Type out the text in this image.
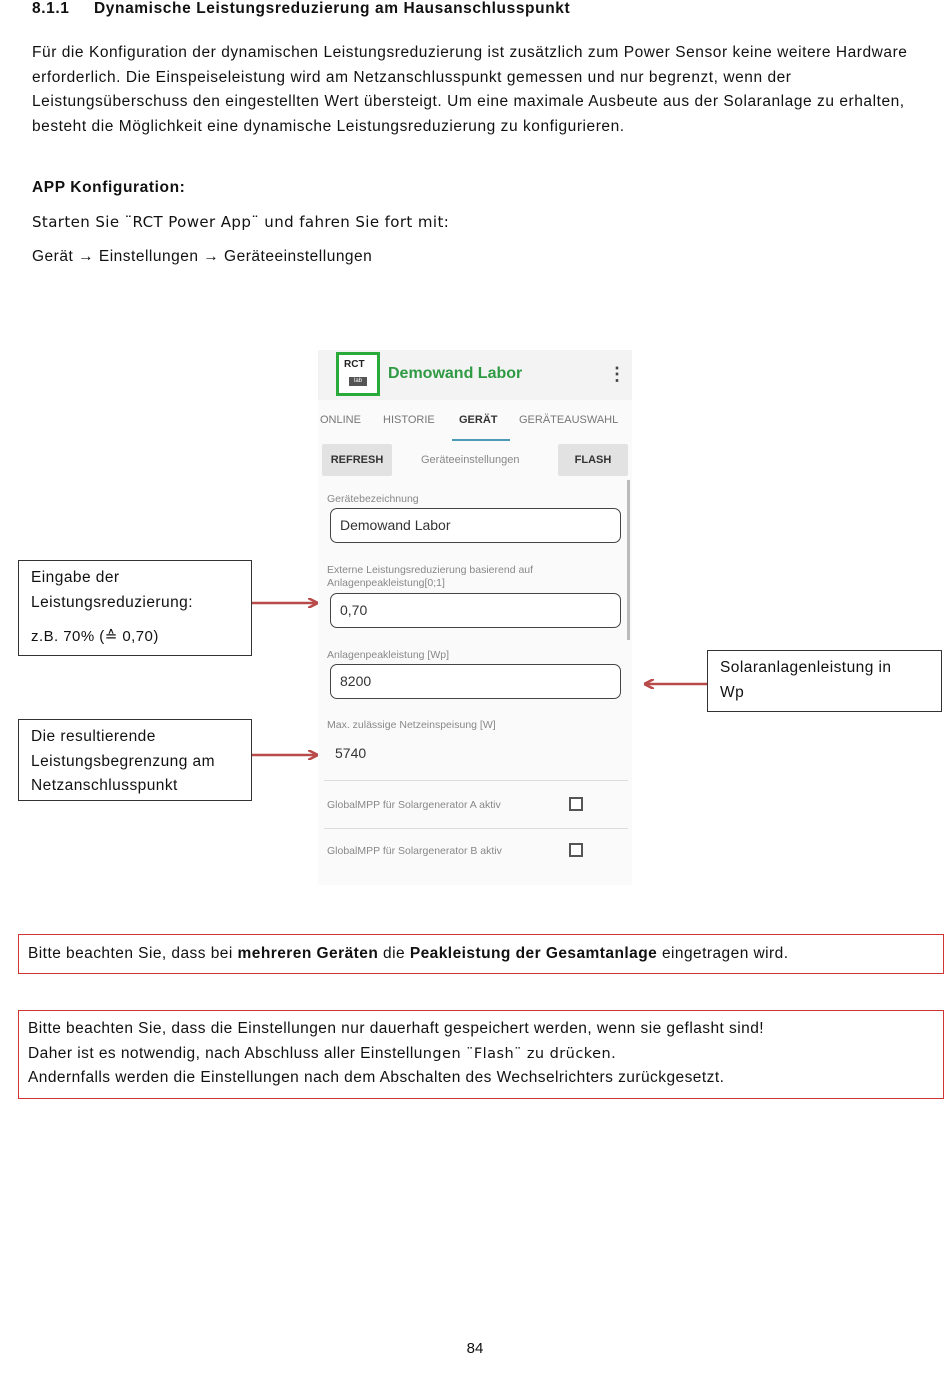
8.1.1 Dynamische Leistungsreduzierung am Hausanschlusspunkt

Für die Konfiguration der dynamischen Leistungsreduzierung ist zusätzlich zum Power Sensor keine weitere Hardware erforderlich. Die Einspeiseleistung wird am Netzanschlusspunkt gemessen und nur begrenzt, wenn der Leistungsüberschuss den eingestellten Wert übersteigt. Um eine maximale Ausbeute aus der Solaranlage zu erhalten, besteht die Möglichkeit eine dynamische Leistungsreduzierung zu konfigurieren.

APP Konfiguration:
Starten Sie ¨RCT Power App¨ und fahren Sie fort mit:
Gerät → Einstellungen → Geräteeinstellungen
RCT
lab	Demowand Labor	⋮
ONLINE HISTORIE GERÄT GERÄTEAUSWAHL
REFRESH	Geräteeinstellungen	FLASH
Gerätebezeichnung
Demowand Labor
Externe Leistungsreduzierung basierend auf
Anlagenpeakleistung[0;1]
0,70
Anlagenpeakleistung [Wp]
8200
Max. zulässige Netzeinspeisung [W]
5740
GlobalMPP für Solargenerator A aktiv
GlobalMPP für Solargenerator B aktiv

Eingabe der

Leistungsreduzierung:

z.B. 70% (≙ 0,70)

Die resultierende

Leistungsbegrenzung am

Netzanschlusspunkt

Solaranlagenleistung in

Wp

Bitte beachten Sie, dass bei mehreren Geräten die Peakleistung der Gesamtanlage eingetragen wird.

Bitte beachten Sie, dass die Einstellungen nur dauerhaft gespeichert werden, wenn sie geflasht sind!

Daher ist es notwendig, nach Abschluss aller Einstellungen ¨Flash¨ zu drücken.

Andernfalls werden die Einstellungen nach dem Abschalten des Wechselrichters zurückgesetzt.

84
